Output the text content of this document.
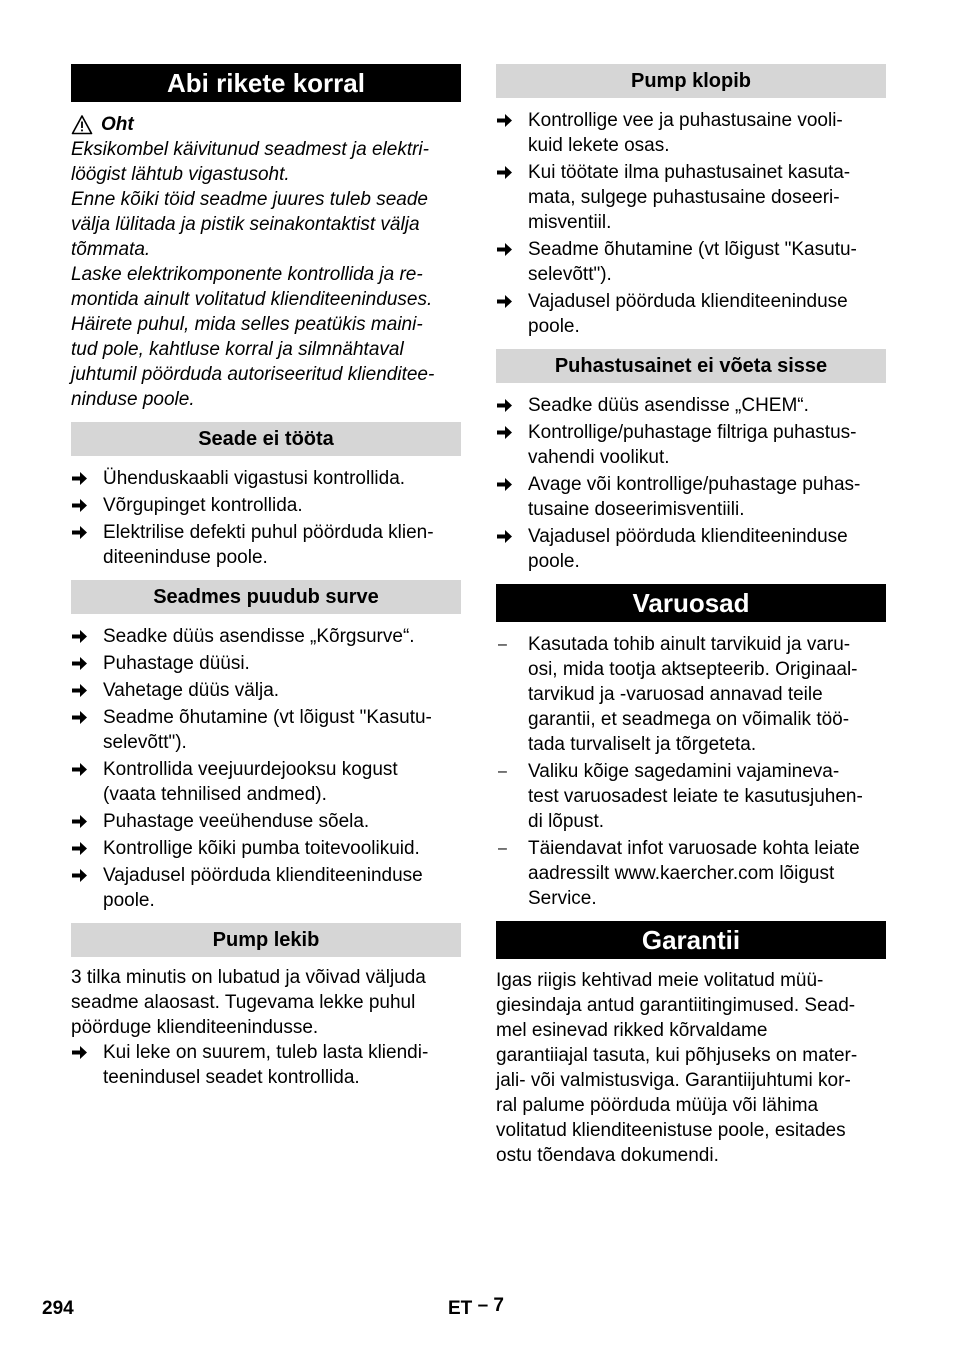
Abi rikete korral
Oht

Eksikombel käivitunud seadmest ja elektri-

löögist lähtub vigastusoht.

Enne kõiki töid seadme juures tuleb seade

välja lülitada ja pistik seinakontaktist välja

tõmmata.

Laske elektrikomponente kontrollida ja re-

montida ainult volitatud klienditeeninduses.

Häirete puhul, mida selles peatükis maini-

tud pole, kahtluse korral ja silmnähtaval

juhtumil pöörduda autoriseeritud klienditee-

ninduse poole.

Seade ei tööta
Ühenduskaabli vigastusi kontrollida.
Võrgupinget kontrollida.
Elektrilise defekti puhul pöörduda klien-
diteeninduse poole.
Seadmes puudub surve
Seadke düüs asendisse „Kõrgsurve“.
Puhastage düüsi.
Vahetage düüs välja.
Seadme õhutamine (vt lõigust "Kasutu-
selevõtt").
Kontrollida veejuurdejooksu kogust
(vaata tehnilised andmed).
Puhastage veeühenduse sõela.
Kontrollige kõiki pumba toitevoolikuid.
Vajadusel pöörduda klienditeeninduse
poole.
Pump lekib

3 tilka minutis on lubatud ja võivad väljuda

seadme alaosast. Tugevama lekke puhul

pöörduge klienditeenindusse.

Kui leke on suurem, tuleb lasta kliendi-
teenindusel seadet kontrollida.
Pump klopib
Kontrollige vee ja puhastusaine vooli-
kuid lekete osas.
Kui töötate ilma puhastusainet kasuta-
mata, sulgege puhastusaine doseeri-
misventiil.
Seadme õhutamine (vt lõigust "Kasutu-
selevõtt").
Vajadusel pöörduda klienditeeninduse
poole.
Puhastusainet ei võeta sisse
Seadke düüs asendisse „CHEM“.
Kontrollige/puhastage filtriga puhastus-
vahendi voolikut.
Avage või kontrollige/puhastage puhas-
tusaine doseerimisventiili.
Vajadusel pöörduda klienditeeninduse
poole.
Varuosad
–	Kasutada tohib ainult tarvikuid ja varu-
osi, mida tootja aktsepteerib. Originaal-
tarvikud ja -varuosad annavad teile
garantii, et seadmega on võimalik töö-
tada turvaliselt ja tõrgeteta.
–	Valiku kõige sagedamini vajamineva-
test varuosadest leiate te kasutusjuhen-
di lõpust.
–	Täiendavat infot varuosade kohta leiate
aadressilt www.kaercher.com lõigust
Service.
Garantii

Igas riigis kehtivad meie volitatud müü-

giesindaja antud garantiitingimused. Sead-

mel esinevad rikked kõrvaldame

garantiiajal tasuta, kui põhjuseks on mater-

jali- või valmistusviga. Garantiijuhtumi kor-

ral palume pöörduda müüja või lähima

volitatud klienditeenistuse poole, esitades

ostu tõendava dokumendi.

294	ET – 7
